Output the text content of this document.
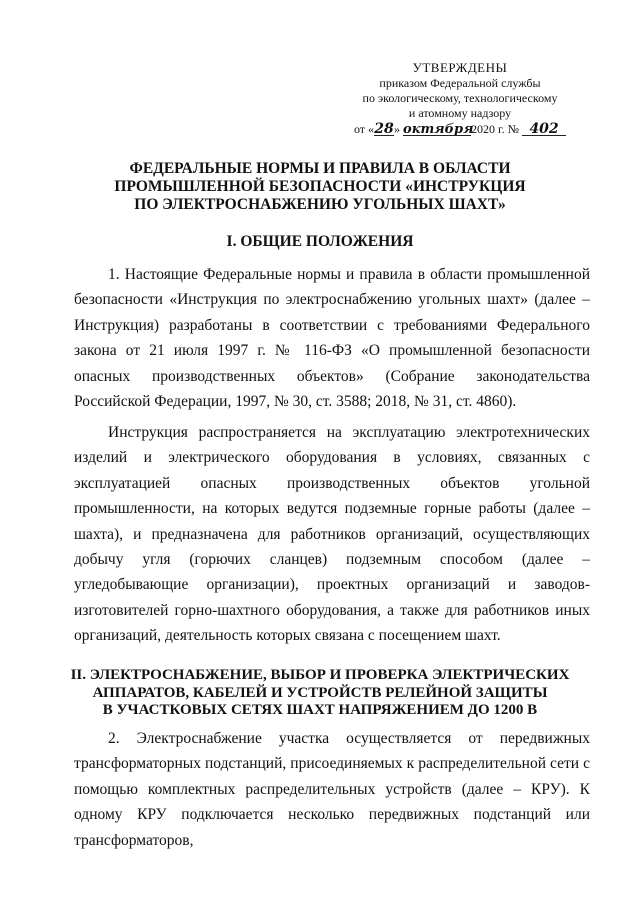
УТВЕРЖДЕНЫ
приказом Федеральной службы
по экологическому, технологическому
и атомному надзору
от «28» октября2020 г. № 402
ФЕДЕРАЛЬНЫЕ НОРМЫ И ПРАВИЛА В ОБЛАСТИ
ПРОМЫШЛЕННОЙ БЕЗОПАСНОСТИ «ИНСТРУКЦИЯ
ПО ЭЛЕКТРОСНАБЖЕНИЮ УГОЛЬНЫХ ШАХТ»
I. ОБЩИЕ ПОЛОЖЕНИЯ
1. Настоящие Федеральные нормы и правила в области промышленной безопасности «Инструкция по электроснабжению угольных шахт» (далее – Инструкция) разработаны в соответствии с требованиями Федерального закона от 21 июля 1997 г. № 116-ФЗ «О промышленной безопасности опасных производственных объектов» (Собрание законодательства Российской Федерации, 1997, № 30, ст. 3588; 2018, № 31, ст. 4860).
Инструкция распространяется на эксплуатацию электротехнических изделий и электрического оборудования в условиях, связанных с эксплуатацией опасных производственных объектов угольной промышленности, на которых ведутся подземные горные работы (далее – шахта), и предназначена для работников организаций, осуществляющих добычу угля (горючих сланцев) подземным способом (далее – угледобывающие организации), проектных организаций и заводов-изготовителей горно-шахтного оборудования, а также для работников иных организаций, деятельность которых связана с посещением шахт.
II. ЭЛЕКТРОСНАБЖЕНИЕ, ВЫБОР И ПРОВЕРКА ЭЛЕКТРИЧЕСКИХ
АППАРАТОВ, КАБЕЛЕЙ И УСТРОЙСТВ РЕЛЕЙНОЙ ЗАЩИТЫ
В УЧАСТКОВЫХ СЕТЯХ ШАХТ НАПРЯЖЕНИЕМ ДО 1200 В
2. Электроснабжение участка осуществляется от передвижных трансформаторных подстанций, присоединяемых к распределительной сети с помощью комплектных распределительных устройств (далее – КРУ). К одному КРУ подключается несколько передвижных подстанций или трансформаторов,
